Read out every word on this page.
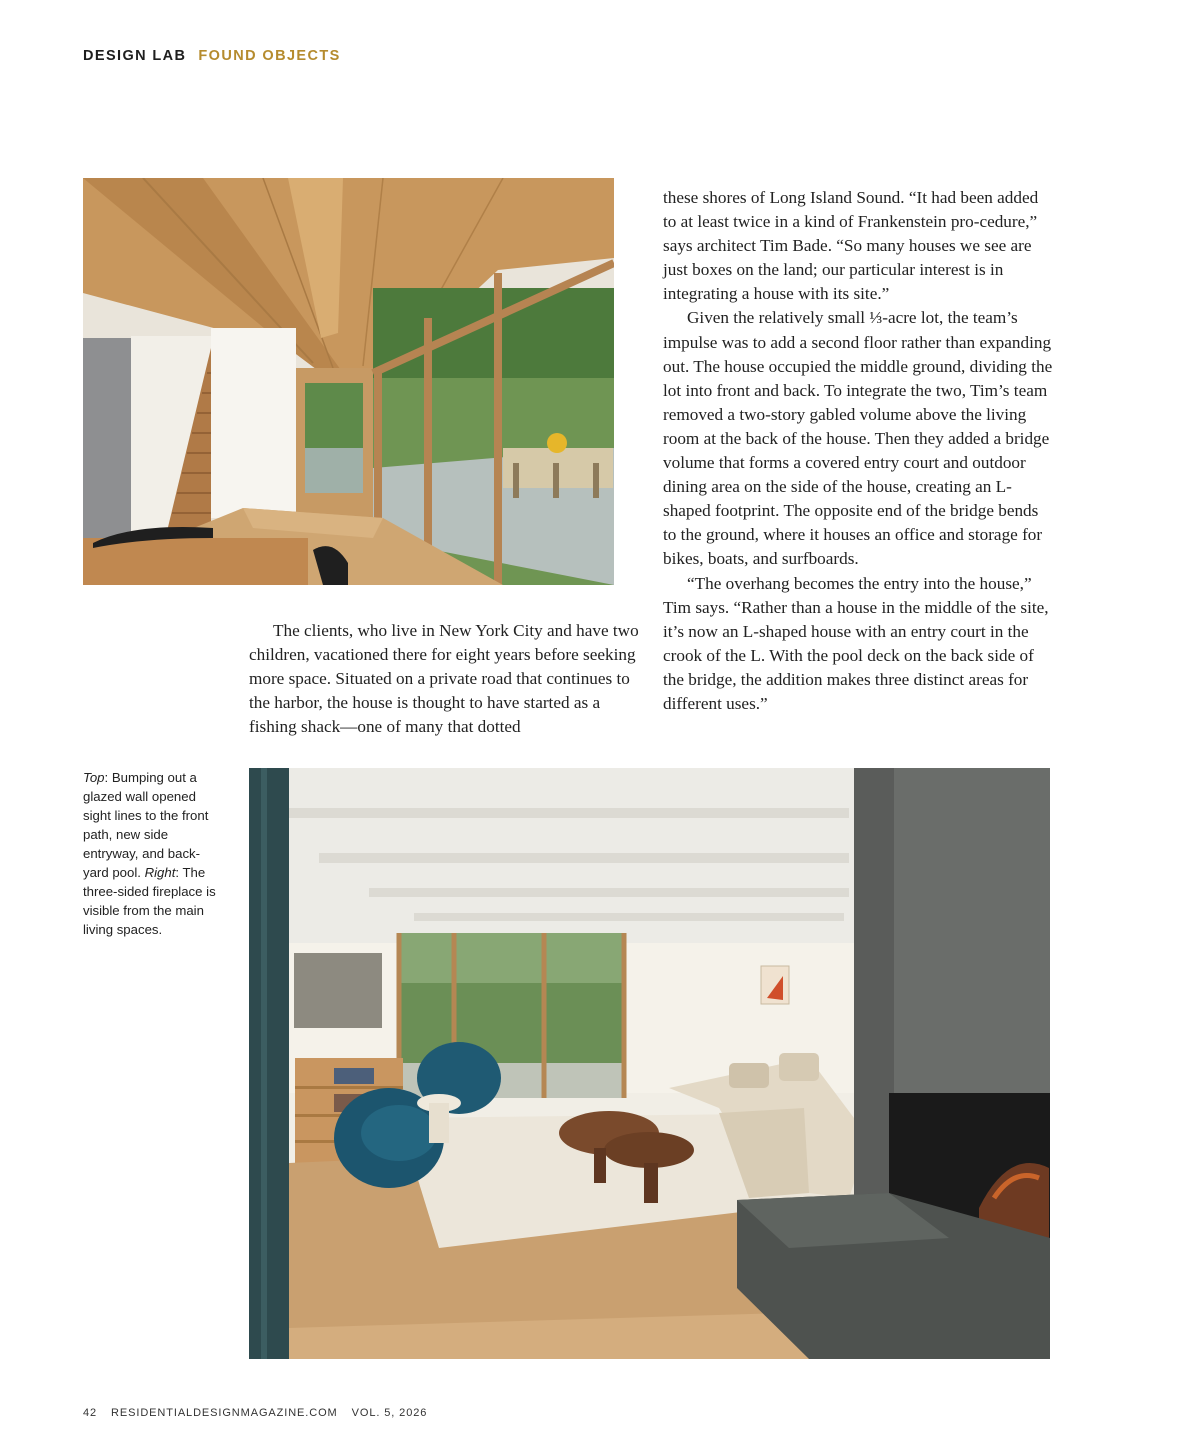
DESIGN LAB FOUND OBJECTS

The clients, who live in New York City and have two children, vacationed there for eight years before seeking more space. Situated on a private road that continues to the harbor, the house is thought to have started as a fishing shack—one of many that dotted

these shores of Long Island Sound. “It had been added to at least twice in a kind of Frankenstein pro-cedure,” says architect Tim Bade. “So many houses we see are just boxes on the land; our particular interest is in integrating a house with its site.”

Given the relatively small ⅓-acre lot, the team’s impulse was to add a second floor rather than expanding out. The house occupied the middle ground, dividing the lot into front and back. To integrate the two, Tim’s team removed a two-story gabled volume above the living room at the back of the house. Then they added a bridge volume that forms a covered entry court and outdoor dining area on the side of the house, creating an L-shaped footprint. The opposite end of the bridge bends to the ground, where it houses an office and storage for bikes, boats, and surfboards.

“The overhang becomes the entry into the house,” Tim says. “Rather than a house in the middle of the site, it’s now an L-shaped house with an entry court in the crook of the L. With the pool deck on the back side of the bridge, the addition makes three distinct areas for different uses.”

Top: Bumping out a glazed wall opened sight lines to the front path, new side entryway, and back-yard pool. Right: The three-sided fireplace is visible from the main living spaces.
42 RESIDENTIALDESIGNMAGAZINE.COM VOL. 5, 2026
